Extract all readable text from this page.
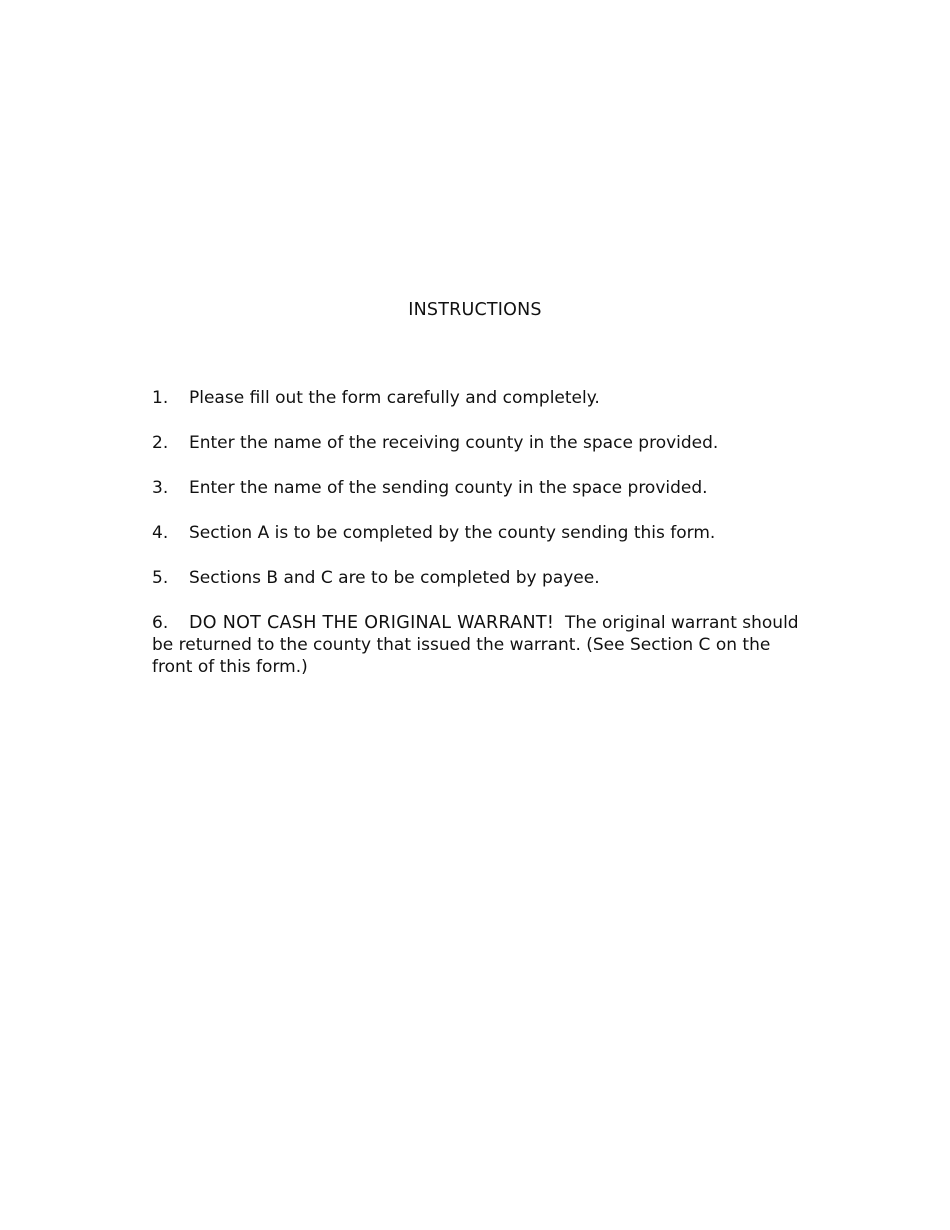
INSTRUCTIONS
1. Please fill out the form carefully and completely.
2. Enter the name of the receiving county in the space provided.
3. Enter the name of the sending county in the space provided.
4. Section A is to be completed by the county sending this form.
5. Sections B and C are to be completed by payee.
6. DO NOT CASH THE ORIGINAL WARRANT! The original warrant should be returned to the county that issued the warrant. (See Section C on the front of this form.)
